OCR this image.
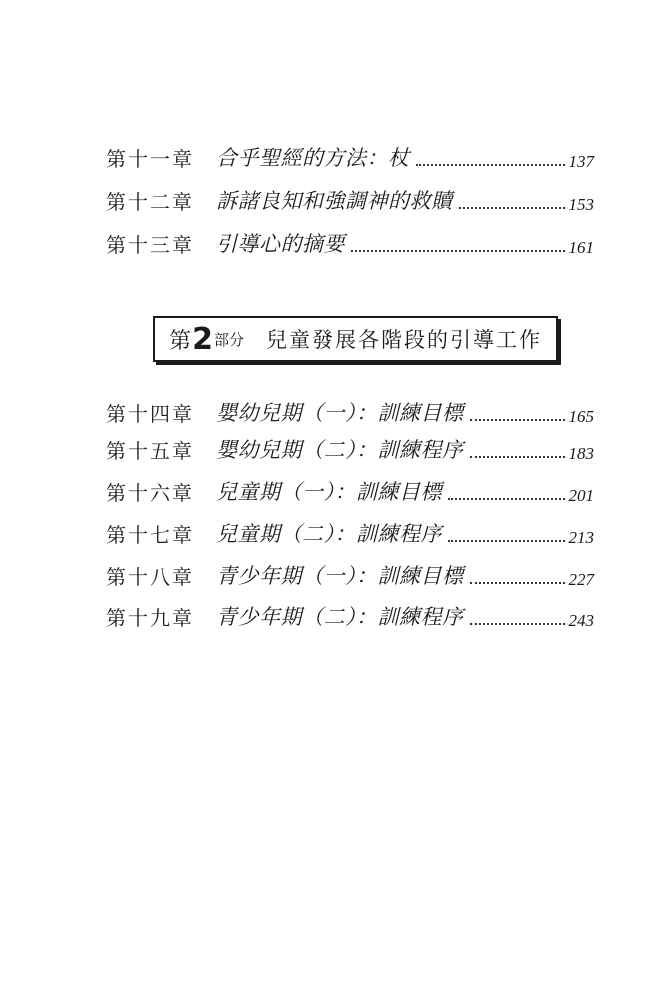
第十一章	合乎聖經的方法：杖	137
第十二章	訴諸良知和強調神的救贖	153
第十三章	引導心的摘要	161
第 2 部分 兒童發展各階段的引導工作
第十四章	嬰幼兒期（一）：訓練目標	165
第十五章	嬰幼兒期（二）：訓練程序	183
第十六章	兒童期（一）：訓練目標	201
第十七章	兒童期（二）：訓練程序	213
第十八章	青少年期（一）：訓練目標	227
第十九章	青少年期（二）：訓練程序	243
